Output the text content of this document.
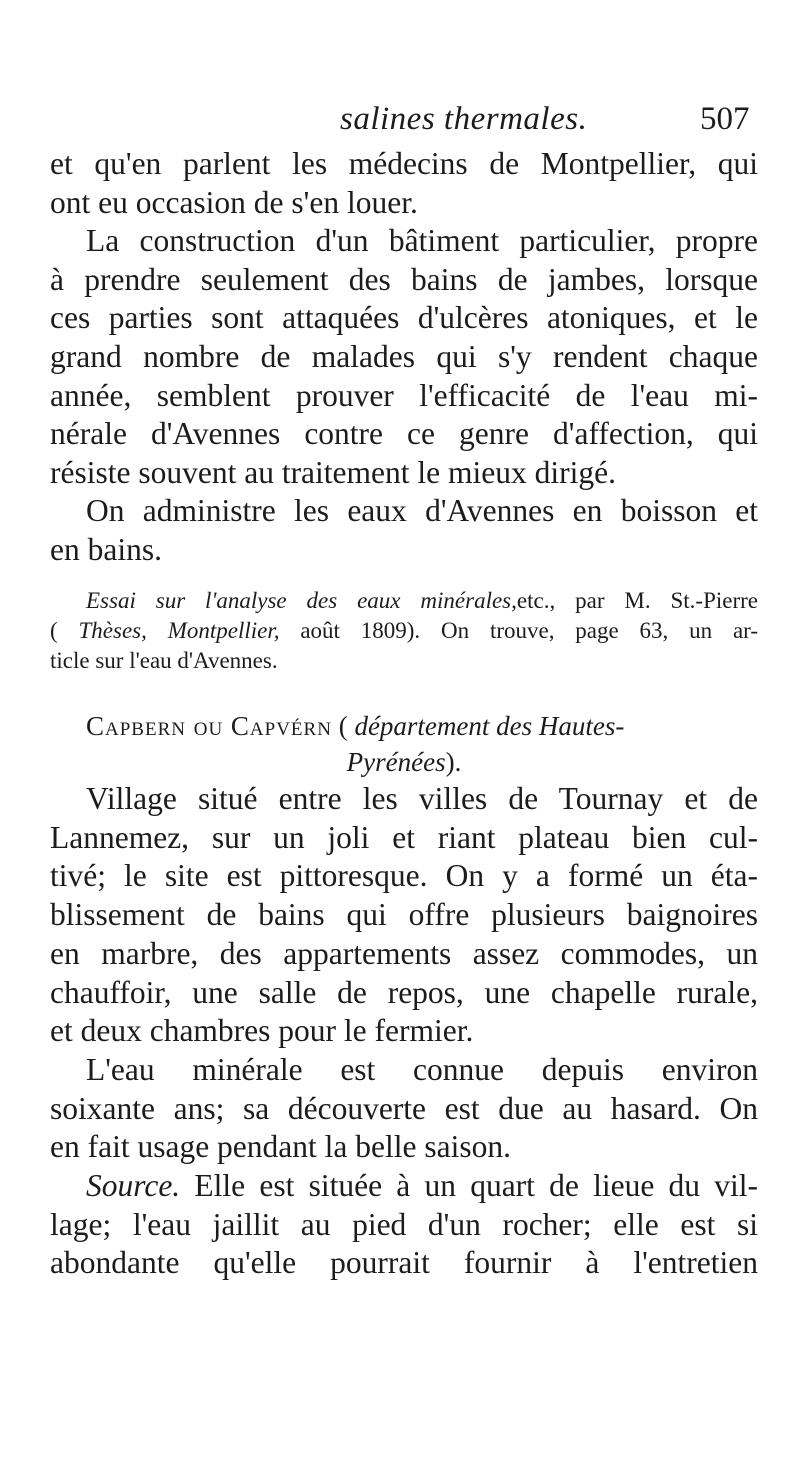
salines thermales.	507
et qu'en parlent les médecins de Montpellier, qui
ont eu occasion de s'en louer.
La construction d'un bâtiment particulier, propre
à prendre seulement des bains de jambes, lorsque
ces parties sont attaquées d'ulcères atoniques, et le
grand nombre de malades qui s'y rendent chaque
année, semblent prouver l'efficacité de l'eau mi-
nérale d'Avennes contre ce genre d'affection, qui
résiste souvent au traitement le mieux dirigé.
On administre les eaux d'Avennes en boisson et
en bains.
Essai sur l'analyse des eaux minérales,etc., par M. St.-Pierre
( Thèses, Montpellier, août 1809). On trouve, page 63, un ar-
ticle sur l'eau d'Avennes.
Capbern ou Capvérn ( département des Hautes-
Pyrénées).
Village situé entre les villes de Tournay et de
Lannemez, sur un joli et riant plateau bien cul-
tivé; le site est pittoresque. On y a formé un éta-
blissement de bains qui offre plusieurs baignoires
en marbre, des appartements assez commodes, un
chauffoir, une salle de repos, une chapelle rurale,
et deux chambres pour le fermier.
L'eau minérale est connue depuis environ
soixante ans; sa découverte est due au hasard. On
en fait usage pendant la belle saison.
Source. Elle est située à un quart de lieue du vil-
lage; l'eau jaillit au pied d'un rocher; elle est si
abondante qu'elle pourrait fournir à l'entretien
